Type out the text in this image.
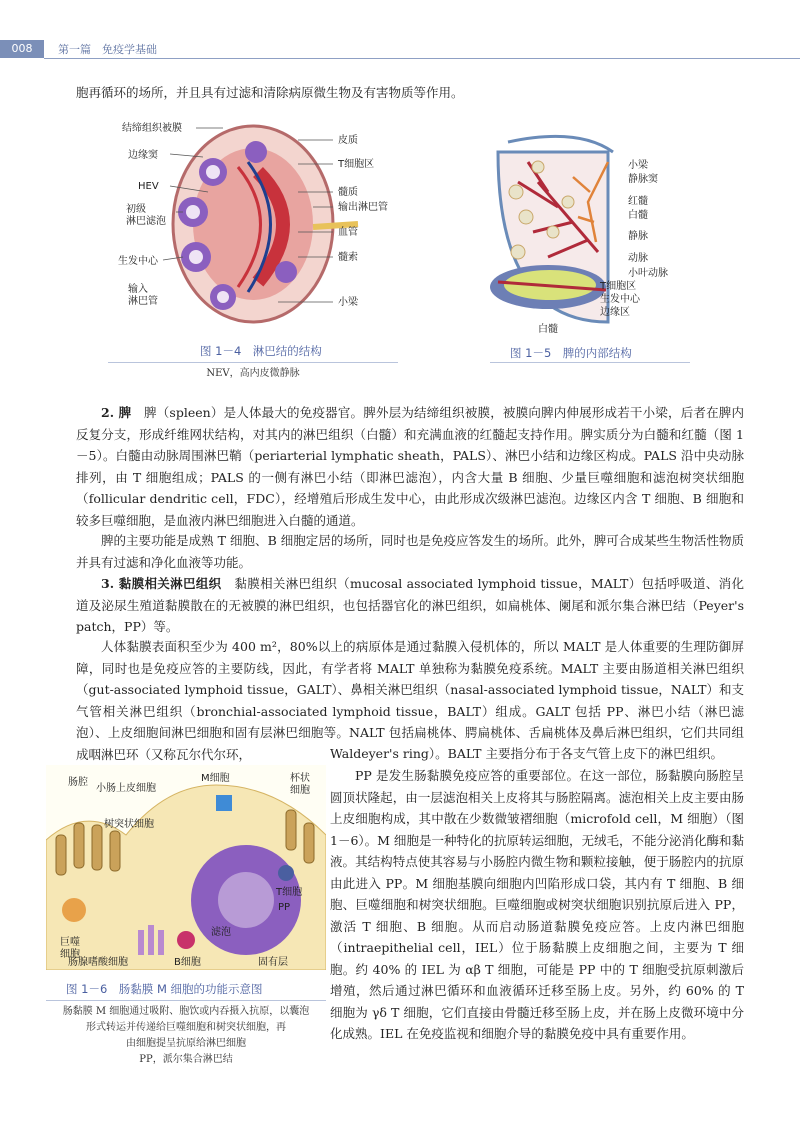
008	第一篇　免疫学基础

胞再循环的场所，并且具有过滤和清除病原微生物及有害物质等作用。

结缔组织被膜
边缘窦
HEV
初级淋巴滤泡
生发中心
输入淋巴管
皮质
T细胞区
髓质
输出淋巴管
血管
髓索
小梁
图 1－4　淋巴结的结构
NEV，高内皮微静脉
小梁
静脉窦
红髓
白髓
静脉
动脉
小叶动脉
T细胞区
生发中心
边缘区
白髓
图 1－5　脾的内部结构

2. 脾　 脾（spleen）是人体最大的免疫器官。脾外层为结缔组织被膜，被膜向脾内伸展形成若干小梁，后者在脾内反复分支，形成纤维网状结构，对其内的淋巴组织（白髓）和充满血液的红髓起支持作用。脾实质分为白髓和红髓（图 1－5）。白髓由动脉周围淋巴鞘（periarterial lymphatic sheath，PALS）、淋巴小结和边缘区构成。PALS 沿中央动脉排列，由 T 细胞组成；PALS 的一侧有淋巴小结（即淋巴滤泡），内含大量 B 细胞、少量巨噬细胞和滤泡树突状细胞（follicular dendritic cell，FDC），经增殖后形成生发中心，由此形成次级淋巴滤泡。边缘区内含 T 细胞、B 细胞和较多巨噬细胞，是血液内淋巴细胞进入白髓的通道。

脾的主要功能是成熟 T 细胞、B 细胞定居的场所，同时也是免疫应答发生的场所。此外，脾可合成某些生物活性物质并具有过滤和净化血液等功能。

3. 黏膜相关淋巴组织　 黏膜相关淋巴组织（mucosal associated lymphoid tissue，MALT）包括呼吸道、消化道及泌尿生殖道黏膜散在的无被膜的淋巴组织，也包括器官化的淋巴组织，如扁桃体、阑尾和派尔集合淋巴结（Peyer's patch，PP）等。

人体黏膜表面积至少为 400 m²，80%以上的病原体是通过黏膜入侵机体的，所以 MALT 是人体重要的生理防御屏障，同时也是免疫应答的主要防线，因此，有学者将 MALT 单独称为黏膜免疫系统。MALT 主要由肠道相关淋巴组织（gut-associated lymphoid tissue，GALT）、鼻相关淋巴组织（nasal-associated lymphoid tissue，NALT）和支气管相关淋巴组织（bronchial-associated lymphoid tissue，BALT）组成。GALT 包括 PP、淋巴小结（淋巴滤泡）、上皮细胞间淋巴细胞和固有层淋巴细胞等。NALT 包括扁桃体、腭扁桃体、舌扁桃体及鼻后淋巴组织，它们共同组成咽淋巴环（又称瓦尔代尔环，

肠腔
小肠上皮细胞
M细胞	杯状细胞
树突状细胞
巨噬细胞
T细胞
PP
滤泡
肠腺嗜酸细胞	B细胞	固有层
图 1－6　肠黏膜 M 细胞的功能示意图
肠黏膜 M 细胞通过吸附、胞饮或内吞摄入抗原，以囊泡
形式转运并传递给巨噬细胞和树突状细胞，再
由细胞提呈抗原给淋巴细胞
PP，派尔集合淋巴结

Waldeyer's ring）。BALT 主要指分布于各支气管上皮下的淋巴组织。

PP 是发生肠黏膜免疫应答的重要部位。在这一部位，肠黏膜向肠腔呈圆顶状隆起，由一层滤泡相关上皮将其与肠腔隔离。滤泡相关上皮主要由肠上皮细胞构成，其中散在少数微皱褶细胞（microfold cell，M 细胞）（图 1－6）。M 细胞是一种特化的抗原转运细胞，无绒毛，不能分泌消化酶和黏液。其结构特点使其容易与小肠腔内微生物和颗粒接触，便于肠腔内的抗原由此进入 PP。M 细胞基膜向细胞内凹陷形成口袋，其内有 T 细胞、B 细胞、巨噬细胞和树突状细胞。巨噬细胞或树突状细胞识别抗原后进入 PP，激活 T 细胞、B 细胞。从而启动肠道黏膜免疫应答。上皮内淋巴细胞（intraepithelial cell，IEL）位于肠黏膜上皮细胞之间，主要为 T 细胞。约 40% 的 IEL 为 αβ T 细胞，可能是 PP 中的 T 细胞受抗原刺激后增殖，然后通过淋巴循环和血液循环迁移至肠上皮。另外，约 60% 的 T 细胞为 γδ T 细胞，它们直接由骨髓迁移至肠上皮，并在肠上皮微环境中分化成熟。IEL 在免疫监视和细胞介导的黏膜免疫中具有重要作用。
